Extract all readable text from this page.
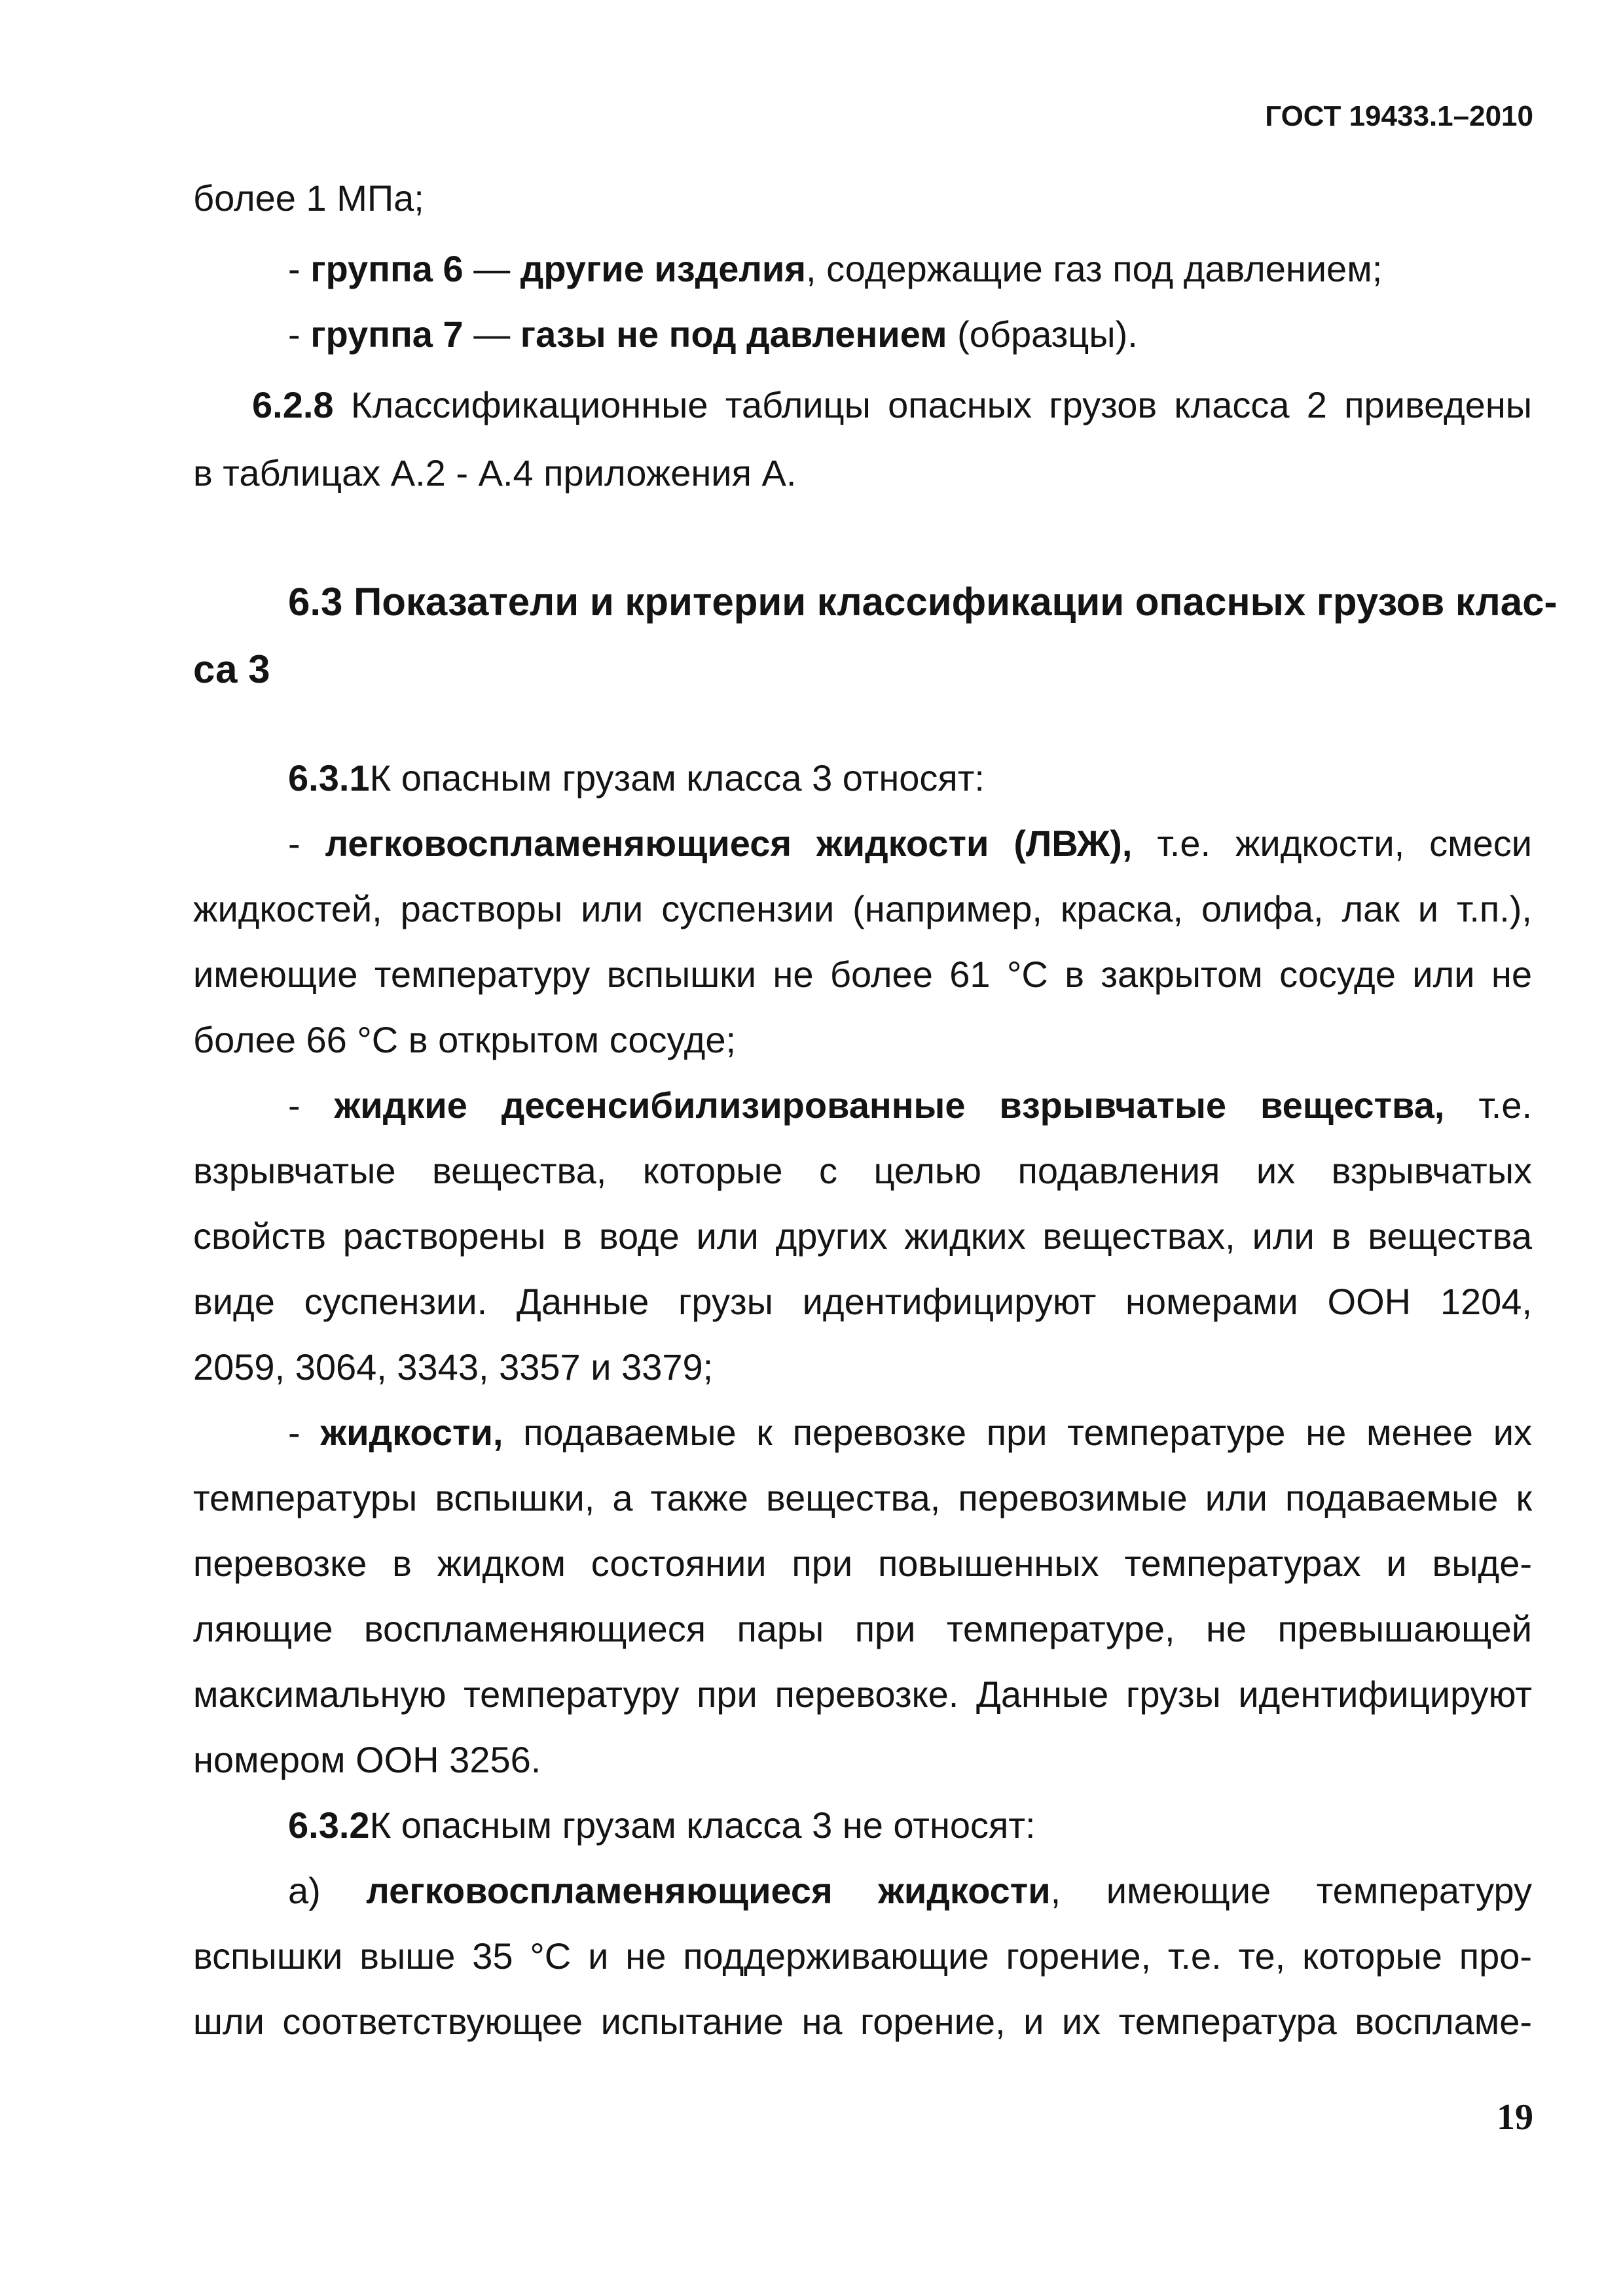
ГОСТ 19433.1–2010
более 1 МПа;
- группа 6 — другие изделия, содержащие газ под давлением;
- группа 7 — газы не под давлением (образцы).
6.2.8 Классификационные таблицы опасных грузов класса 2 приведены
в таблицах А.2 - А.4 приложения А.
6.3 Показатели и критерии классификации опасных грузов клас-
са 3
6.3.1К опасным грузам класса 3 относят:
- легковоспламеняющиеся жидкости (ЛВЖ), т.е. жидкости, смеси
жидкостей, растворы или суспензии (например, краска, олифа, лак и т.п.),
имеющие температуру вспышки не более 61 °С в закрытом сосуде или не
более 66 °С в открытом сосуде;
- жидкие десенсибилизированные взрывчатые вещества, т.е.
взрывчатые вещества, которые с целью подавления их взрывчатых
свойств растворены в воде или других жидких веществах, или в вещества
виде суспензии. Данные грузы идентифицируют номерами ООН 1204,
2059, 3064, 3343, 3357 и 3379;
- жидкости, подаваемые к перевозке при температуре не менее их
температуры вспышки, а также вещества, перевозимые или подаваемые к
перевозке в жидком состоянии при повышенных температурах и выде-
ляющие воспламеняющиеся пары при температуре, не превышающей
максимальную температуру при перевозке. Данные грузы идентифицируют
номером ООН 3256.
6.3.2К опасным грузам класса 3 не относят:
а) легковоспламеняющиеся жидкости, имеющие температуру
вспышки выше 35 °С и не поддерживающие горение, т.е. те, которые про-
шли соответствующее испытание на горение, и их температура воспламе-
19
